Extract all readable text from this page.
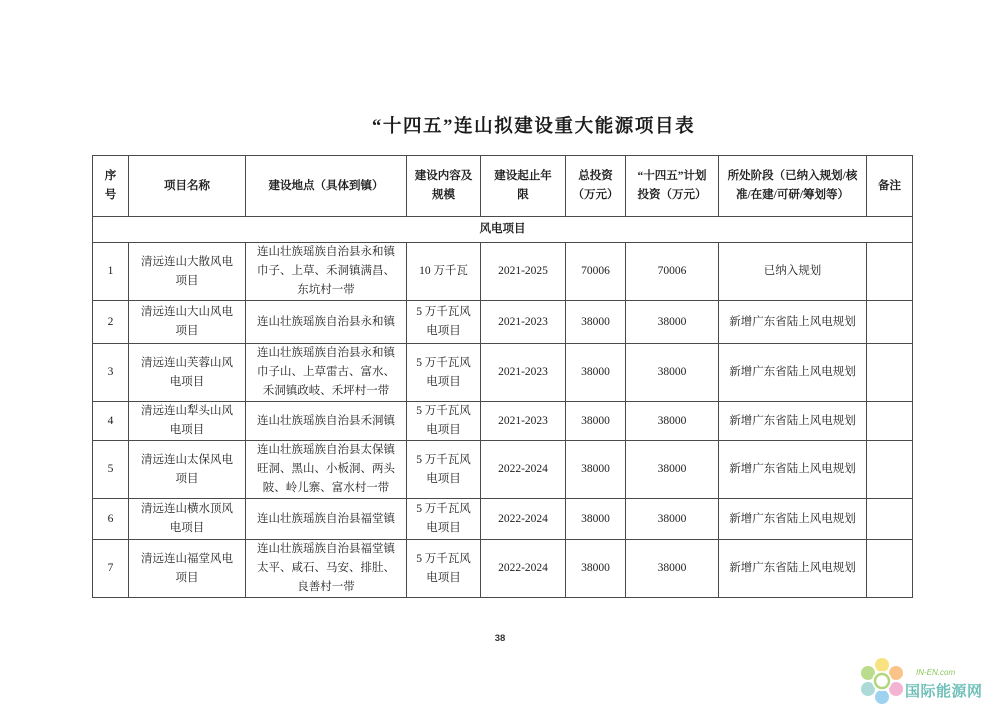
“十四五”连山拟建设重大能源项目表
序号	项目名称	建设地点（具体到镇）	建设内容及规模	建设起止年限	总投资（万元）	“十四五”计划投资（万元）	所处阶段（已纳入规划/核准/在建/可研/筹划等）	备注
风电项目								
1	清远连山大散风电项目	连山壮族瑶族自治县永和镇巾子、上草、禾洞镇满昌、东坑村一带	10 万千瓦	2021-2025	70006	70006	已纳入规划	
2	清远连山大山风电项目	连山壮族瑶族自治县永和镇	5 万千瓦风电项目	2021-2023	38000	38000	新增广东省陆上风电规划	
3	清远连山芙蓉山风电项目	连山壮族瑶族自治县永和镇巾子山、上草雷古、富水、禾洞镇政岐、禾坪村一带	5 万千瓦风电项目	2021-2023	38000	38000	新增广东省陆上风电规划	
4	清远连山犁头山风电项目	连山壮族瑶族自治县禾洞镇	5 万千瓦风电项目	2021-2023	38000	38000	新增广东省陆上风电规划	
5	清远连山太保风电项目	连山壮族瑶族自治县太保镇旺洞、黑山、小板洞、两头陂、岭儿寨、富水村一带	5 万千瓦风电项目	2022-2024	38000	38000	新增广东省陆上风电规划	
6	清远连山横水顶风电项目	连山壮族瑶族自治县福堂镇	5 万千瓦风电项目	2022-2024	38000	38000	新增广东省陆上风电规划	
7	清远连山福堂风电项目	连山壮族瑶族自治县福堂镇太平、咸石、马安、排肚、良善村一带	5 万千瓦风电项目	2022-2024	38000	38000	新增广东省陆上风电规划	
38
IN-EN.com
国际能源网
